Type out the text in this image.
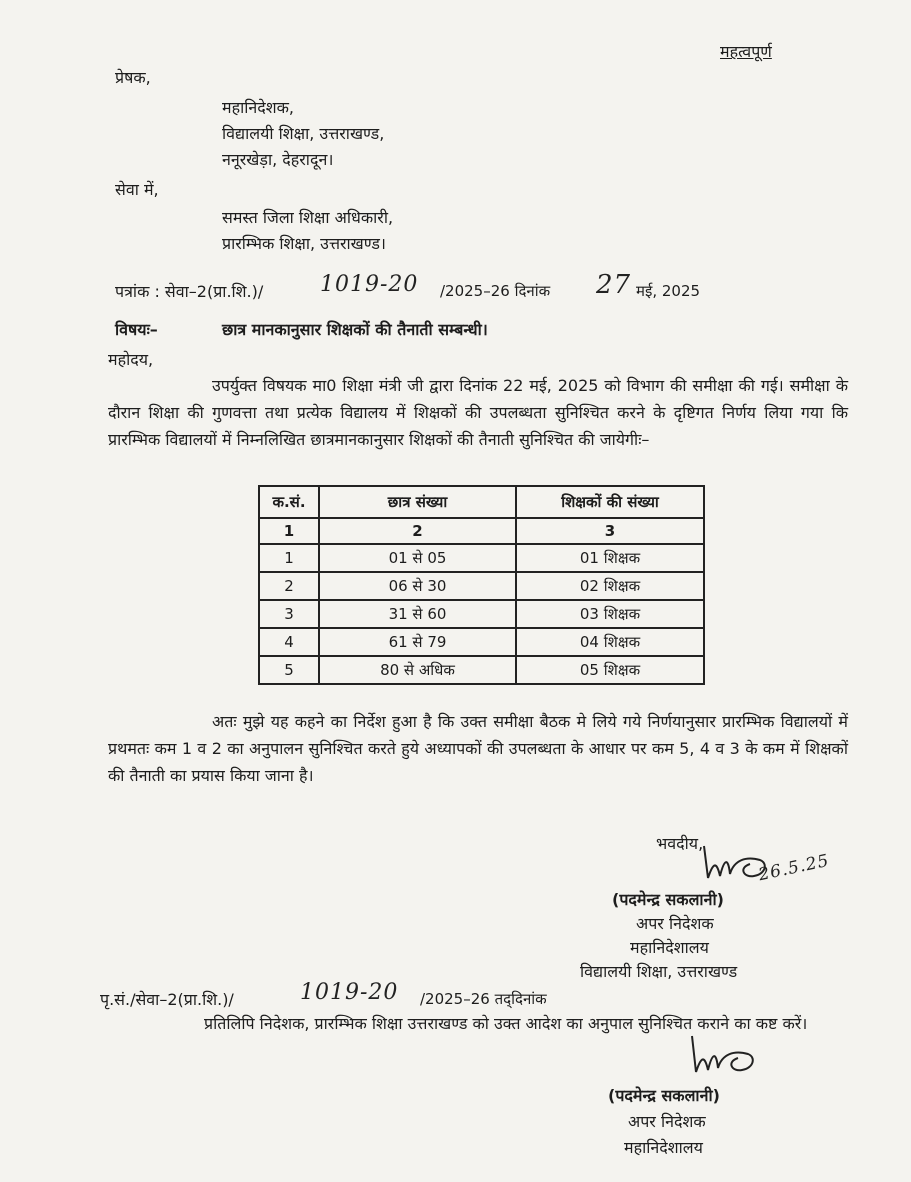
महत्वपूर्ण
प्रेषक,
महानिदेशक,
विद्यालयी शिक्षा, उत्तराखण्ड,
ननूरखेड़ा, देहरादून।
सेवा में,
समस्त जिला शिक्षा अधिकारी,
प्रारम्भिक शिक्षा, उत्तराखण्ड।
पत्रांक : सेवा–2(प्रा.शि.)/	1019-20 /2025–26 दिनांक 27 मई, 2025
विषयः–	छात्र मानकानुसार शिक्षकों की तैनाती सम्बन्धी।
महोदय,
उपर्युक्त विषयक मा0 शिक्षा मंत्री जी द्वारा दिनांक 22 मई, 2025 को विभाग की समीक्षा की गई। समीक्षा के दौरान शिक्षा की गुणवत्ता तथा प्रत्येक विद्यालय में शिक्षकों की उपलब्धता सुनिश्चित करने के दृष्टिगत निर्णय लिया गया कि प्रारम्भिक विद्यालयों में निम्नलिखित छात्रमानकानुसार शिक्षकों की तैनाती सुनिश्चित की जायेगीः–
क.सं.	छात्र संख्या	शिक्षकों की संख्या
1	2	3
1	01 से 05	01 शिक्षक
2	06 से 30	02 शिक्षक
3	31 से 60	03 शिक्षक
4	61 से 79	04 शिक्षक
5	80 से अधिक	05 शिक्षक
अतः मुझे यह कहने का निर्देश हुआ है कि उक्त समीक्षा बैठक मे लिये गये निर्णयानुसार प्रारम्भिक विद्यालयों में प्रथमतः कम 1 व 2 का अनुपालन सुनिश्चित करते हुये अध्यापकों की उपलब्धता के आधार पर कम 5, 4 व 3 के कम में शिक्षकों की तैनाती का प्रयास किया जाना है।
भवदीय,
26.5.25
(पदमेन्द्र सकलानी)
अपर निदेशक
महानिदेशालय
विद्यालयी शिक्षा, उत्तराखण्ड
पृ.सं./सेवा–2(प्रा.शि.)/	1019-20 /2025–26 तद्‌दिनांक
प्रतिलिपि निदेशक, प्रारम्भिक शिक्षा उत्तराखण्ड को उक्त आदेश का अनुपाल सुनिश्चित कराने का कष्ट करें।
(पदमेन्द्र सकलानी)
अपर निदेशक
महानिदेशालय
